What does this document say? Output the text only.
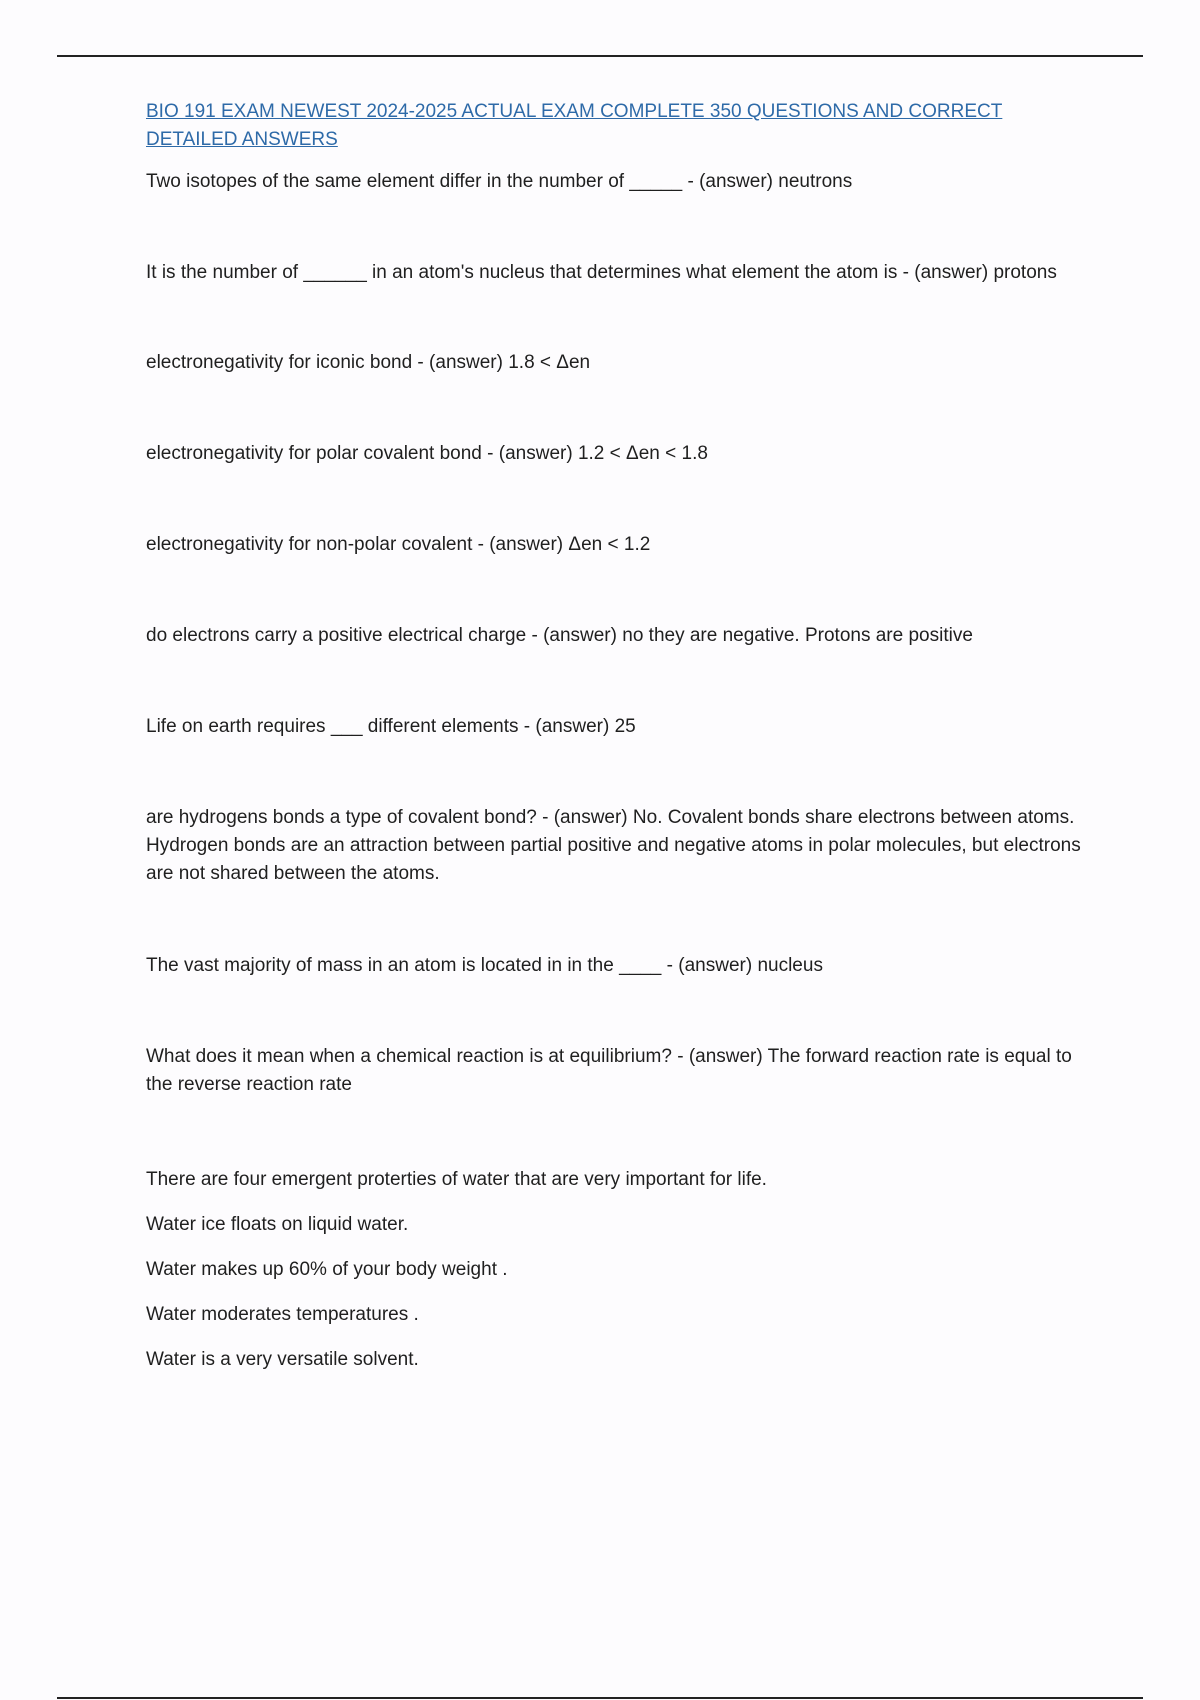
BIO 191 EXAM NEWEST 2024-2025 ACTUAL EXAM COMPLETE 350 QUESTIONS AND CORRECT DETAILED ANSWERS

Two isotopes of the same element differ in the number of _____ - (answer) neutrons

It is the number of ______ in an atom's nucleus that determines what element the atom is - (answer) protons

electronegativity for iconic bond - (answer) 1.8 < Δen

electronegativity for polar covalent bond - (answer) 1.2 < Δen < 1.8

electronegativity for non-polar covalent - (answer) Δen < 1.2

do electrons carry a positive electrical charge - (answer) no they are negative. Protons are positive

Life on earth requires ___ different elements - (answer) 25

are hydrogens bonds a type of covalent bond? - (answer) No. Covalent bonds share electrons between atoms. Hydrogen bonds are an attraction between partial positive and negative atoms in polar molecules, but electrons are not shared between the atoms.

The vast majority of mass in an atom is located in in the ____ - (answer) nucleus

What does it mean when a chemical reaction is at equilibrium? - (answer) The forward reaction rate is equal to the reverse reaction rate

There are four emergent proterties of water that are very important for life.

Water ice floats on liquid water.

Water makes up 60% of your body weight .

Water moderates temperatures .

Water is a very versatile solvent.
